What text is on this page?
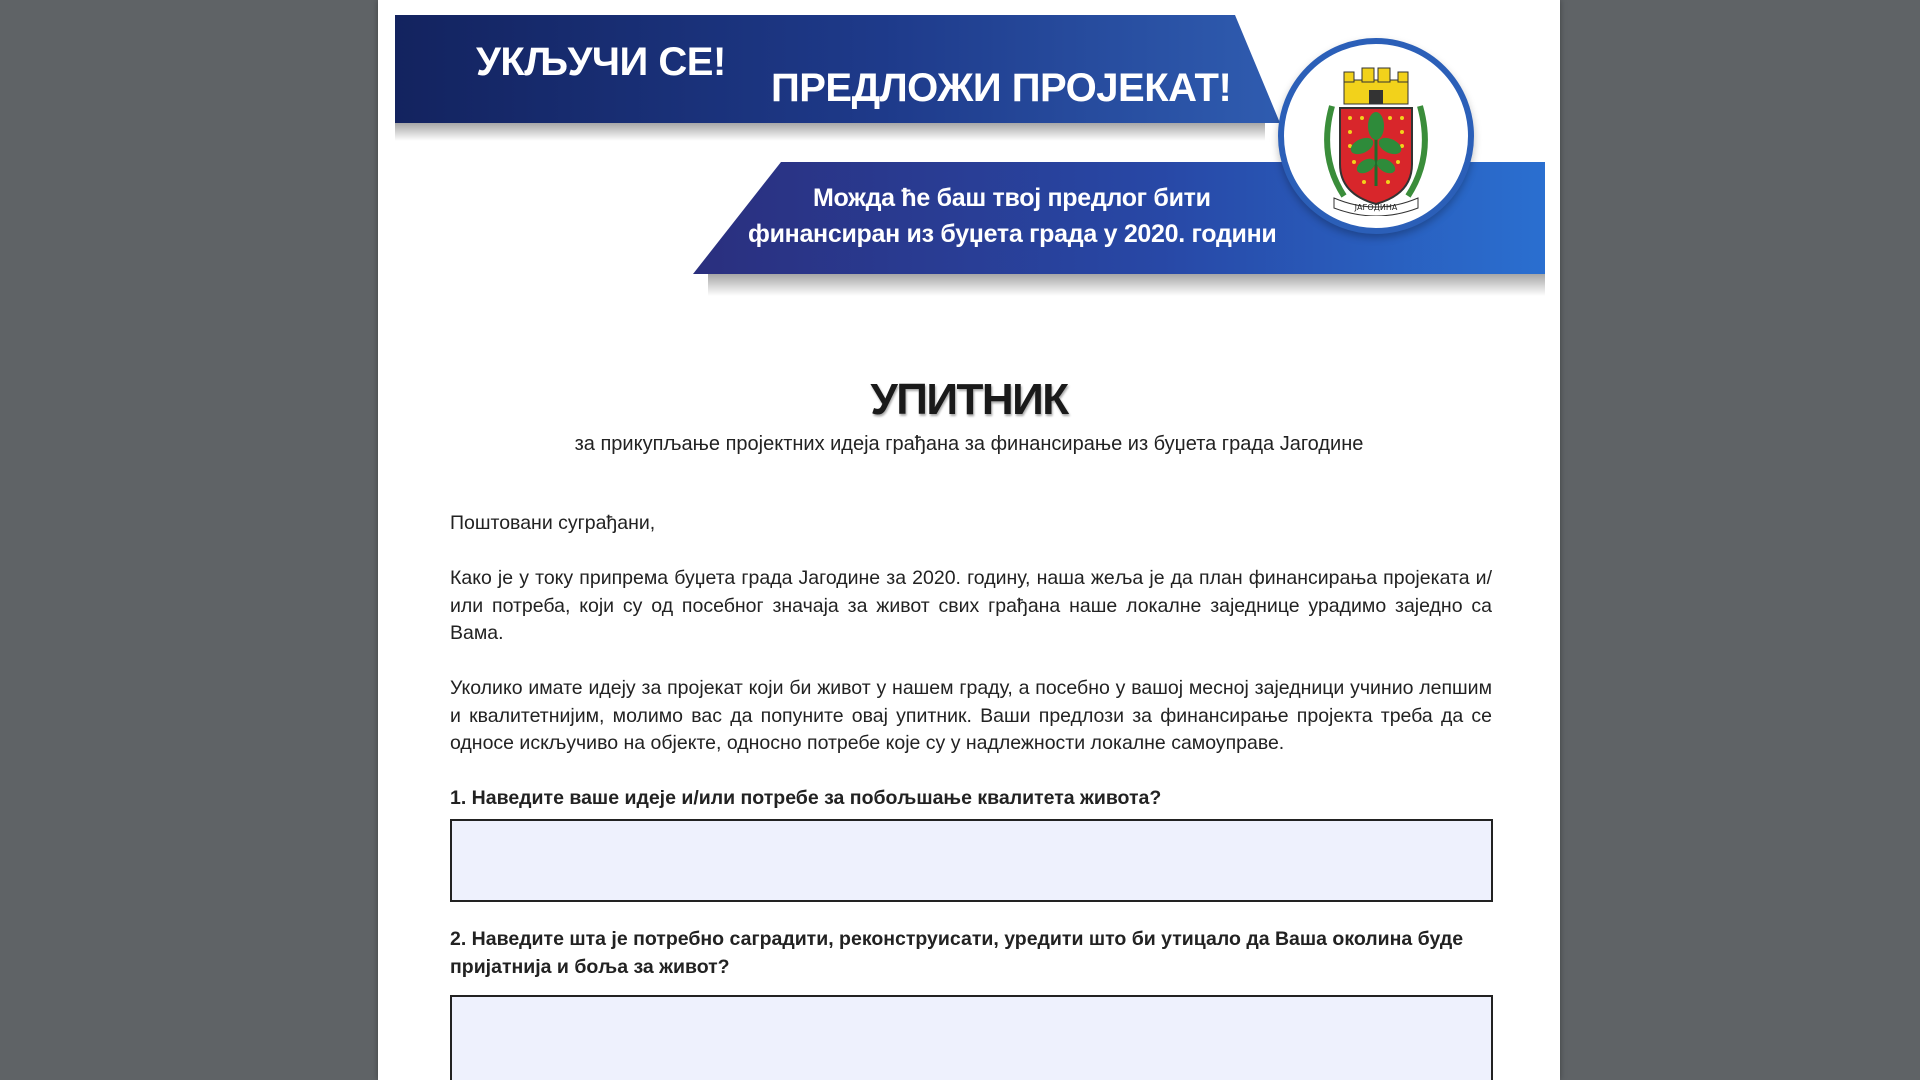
УКЉУЧИ СЕ!
ПРЕДЛОЖИ ПРОЈЕКАТ!
Можда ће баш твој предлог бити
финансиран из буџета града у 2020. години
ЈАГОДИНА
УПИТНИК
за прикупљање пројектних идеја грађана за финансирање из буџета града Јагодине
Поштовани суграђани,
Како је у току припрема буџета града Јагодине за 2020. годину, наша жеља је да план финансирања пројеката и/или потреба, који су од посебног значаја за живот свих грађана наше локалне заједнице урадимо заједно са Вама.
Уколико имате идеју за пројекат који би живот у нашем граду, а посебно у вашој месној заједници учинио лепшим и квалитетнијим, молимо вас да попуните овај упитник. Ваши предлози за финансирање пројекта треба да се односе искључиво на објекте, односно потребе које су у надлежности локалне самоуправе.
1. Наведите ваше идеје и/или потребе за побољшање квалитета живота?
2. Наведите шта је потребно саградити, реконструисати, уредити што би утицало да Ваша околина буде пријатнија и боља за живот?
